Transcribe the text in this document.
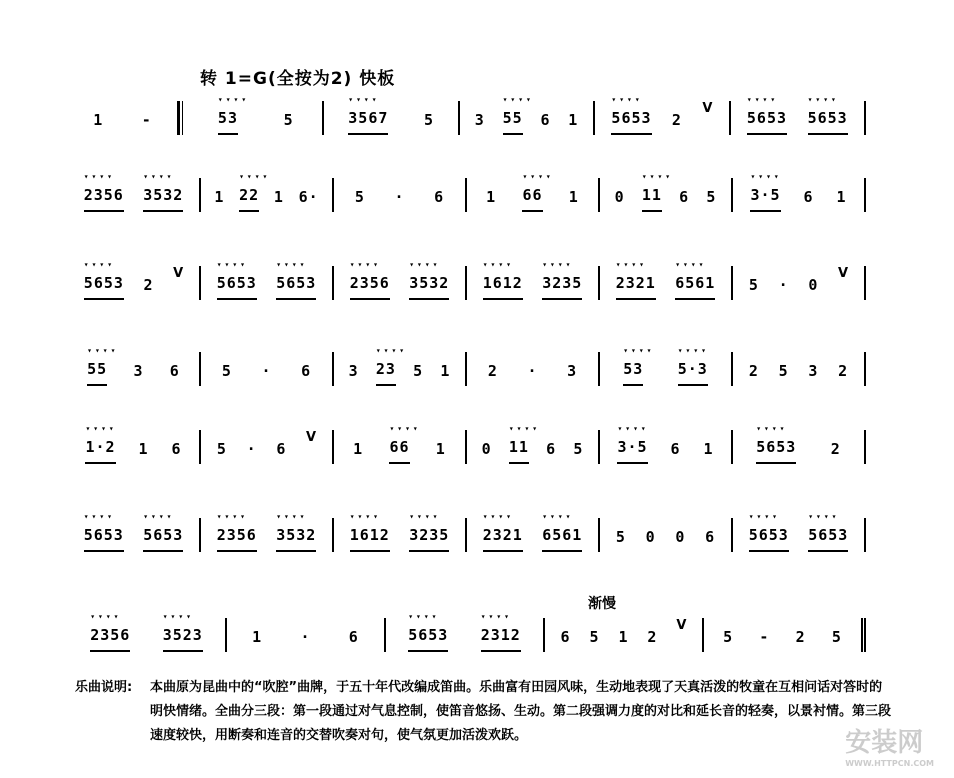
转 1=G(全按为2) 快板
1	-	▾▾▾▾ 53	5	▾▾▾▾ 3567 5	3 ▾▾▾▾ 55 6 1 ▾▾▾▾ 5653 2
V
▾▾▾▾ 5653 ▾▾▾▾ 5653
▾▾▾▾ 2356 ▾▾▾▾ 3532 1 ▾▾▾▾ 22 1 6· 5 · 6	1 ▾▾▾▾ 66 1 0 ▾▾▾▾ 11 6 5 ▾▾▾▾ 3·5 6 1
▾▾▾▾ 5653 2
V
▾▾▾▾ 5653 ▾▾▾▾ 5653 ▾▾▾▾ 2356 ▾▾▾▾ 3532 ▾▾▾▾ 1612 ▾▾▾▾ 3235 ▾▾▾▾ 2321 ▾▾▾▾ 6561 5 · 0
V
▾▾▾▾ 55 3 6	5 · 6 3 ▾▾▾▾ 23 5 1 2 · 3	▾▾▾▾ 53 ▾▾▾▾ 5·3	2 5 3 2
▾▾▾▾ 1·2 1 6 5 · 6
V
1 ▾▾▾▾ 66 1 0 ▾▾▾▾ 11 6 5 ▾▾▾▾ 3·5 6 1	▾▾▾▾ 5653 2
▾▾▾▾ 5653 ▾▾▾▾ 5653 ▾▾▾▾ 2356 ▾▾▾▾ 3532 ▾▾▾▾ 1612 ▾▾▾▾ 3235 ▾▾▾▾ 2321 ▾▾▾▾ 6561 5 0 0 6 ▾▾▾▾ 5653 ▾▾▾▾ 5653
▾▾▾▾ 2356 ▾▾▾▾ 3523	1	·	6	▾▾▾▾ 5653 ▾▾▾▾ 2312	6 5 1 2
V
5 - 2 5
渐慢
乐曲说明: 本曲原为昆曲中的“吹腔”曲牌，于五十年代改编成笛曲。乐曲富有田园风味，生动地表现了天真活泼的牧童在互相问话对答时的明快情绪。全曲分三段：第一段通过对气息控制，使笛音悠扬、生动。第二段强调力度的对比和延长音的轻奏，以景衬情。第三段速度较快，用断奏和连音的交替吹奏对句，使气氛更加活泼欢跃。	安装网
WWW.HTTPCN.COM
